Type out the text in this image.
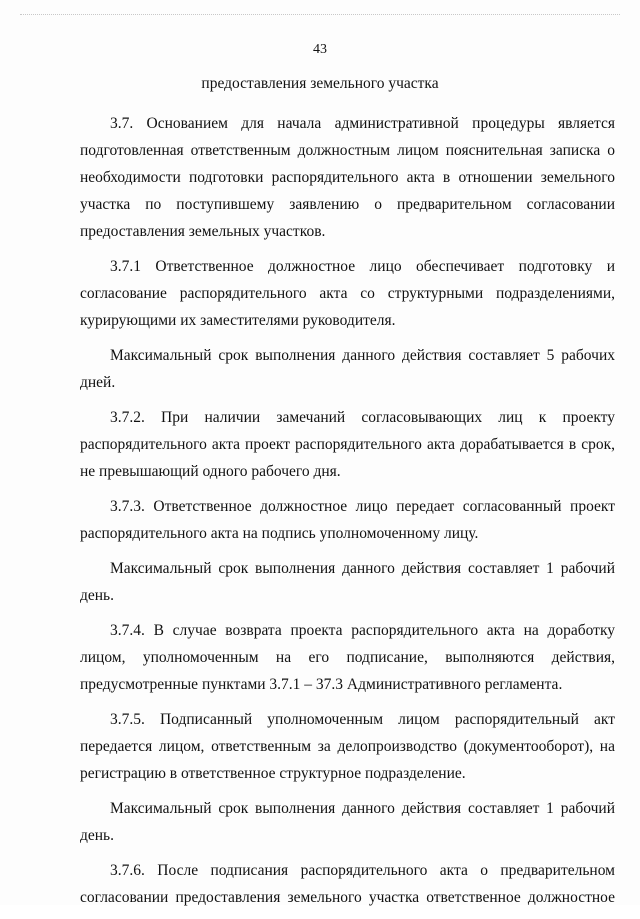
43
предоставления земельного участка

3.7. Основанием для начала административной процедуры является подготовленная ответственным должностным лицом пояснительная записка о необходимости подготовки распорядительного акта в отношении земельного участка по поступившему заявлению о предварительном согласовании предоставления земельных участков.

3.7.1 Ответственное должностное лицо обеспечивает подготовку и согласование распорядительного акта со структурными подразделениями, курирующими их заместителями руководителя.

Максимальный срок выполнения данного действия составляет 5 рабочих дней.

3.7.2. При наличии замечаний согласовывающих лиц к проекту распорядительного акта проект распорядительного акта дорабатывается в срок, не превышающий одного рабочего дня.

3.7.3. Ответственное должностное лицо передает согласованный проект распорядительного акта на подпись уполномоченному лицу.

Максимальный срок выполнения данного действия составляет 1 рабочий день.

3.7.4. В случае возврата проекта распорядительного акта на доработку лицом, уполномоченным на его подписание, выполняются действия, предусмотренные пунктами 3.7.1 – 37.3 Административного регламента.

3.7.5. Подписанный уполномоченным лицом распорядительный акт передается лицом, ответственным за делопроизводство (документооборот), на регистрацию в ответственное структурное подразделение.

Максимальный срок выполнения данного действия составляет 1 рабочий день.

3.7.6. После подписания распорядительного акта о предварительном согласовании предоставления земельного участка ответственное должностное
